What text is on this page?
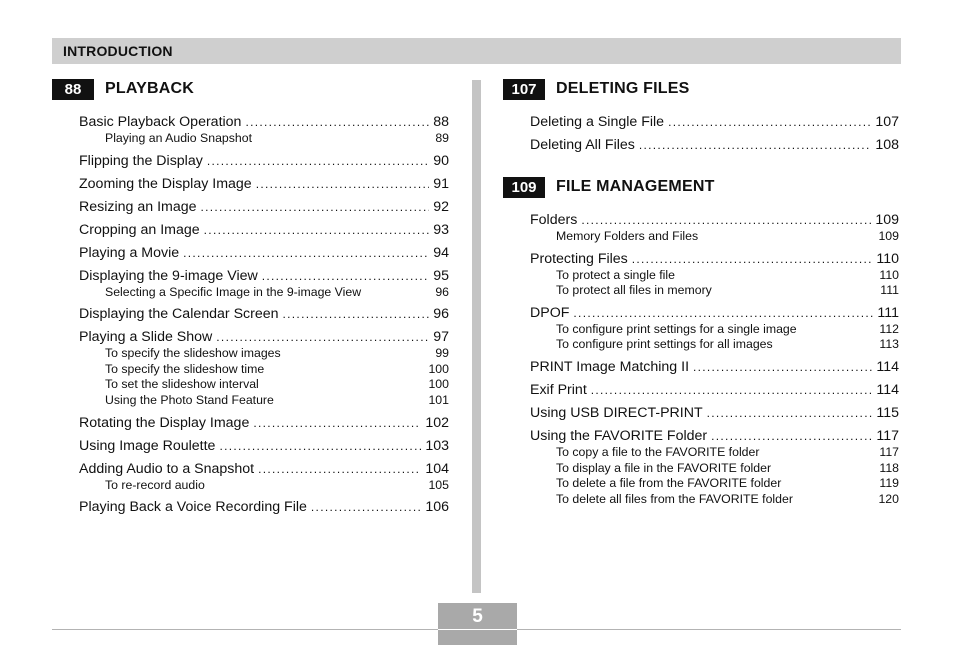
INTRODUCTION
88	PLAYBACK
Basic Playback Operation .....	88
Playing an Audio Snapshot	89
Flipping the Display .....	90
Zooming the Display Image .....	91
Resizing an Image .....	92
Cropping an Image .....	93
Playing a Movie .....	94
Displaying the 9-image View .....	95
Selecting a Specific Image in the 9-image View	96
Displaying the Calendar Screen .....	96
Playing a Slide Show .....	97
To specify the slideshow images	99
To specify the slideshow time	100
To set the slideshow interval	100
Using the Photo Stand Feature	101
Rotating the Display Image .....	102
Using Image Roulette .....	103
Adding Audio to a Snapshot .....	104
To re-record audio	105
Playing Back a Voice Recording File .....	106
107	DELETING FILES
Deleting a Single File .....	107
Deleting All Files .....	108
109	FILE MANAGEMENT
Folders .....	109
Memory Folders and Files	109
Protecting Files .....	110
To protect a single file	110
To protect all files in memory	111
DPOF .....	111
To configure print settings for a single image	112
To configure print settings for all images	113
PRINT Image Matching II .....	114
Exif Print .....	114
Using USB DIRECT-PRINT .....	115
Using the FAVORITE Folder .....	117
To copy a file to the FAVORITE folder	117
To display a file in the FAVORITE folder	118
To delete a file from the FAVORITE folder	119
To delete all files from the FAVORITE folder	120
5
